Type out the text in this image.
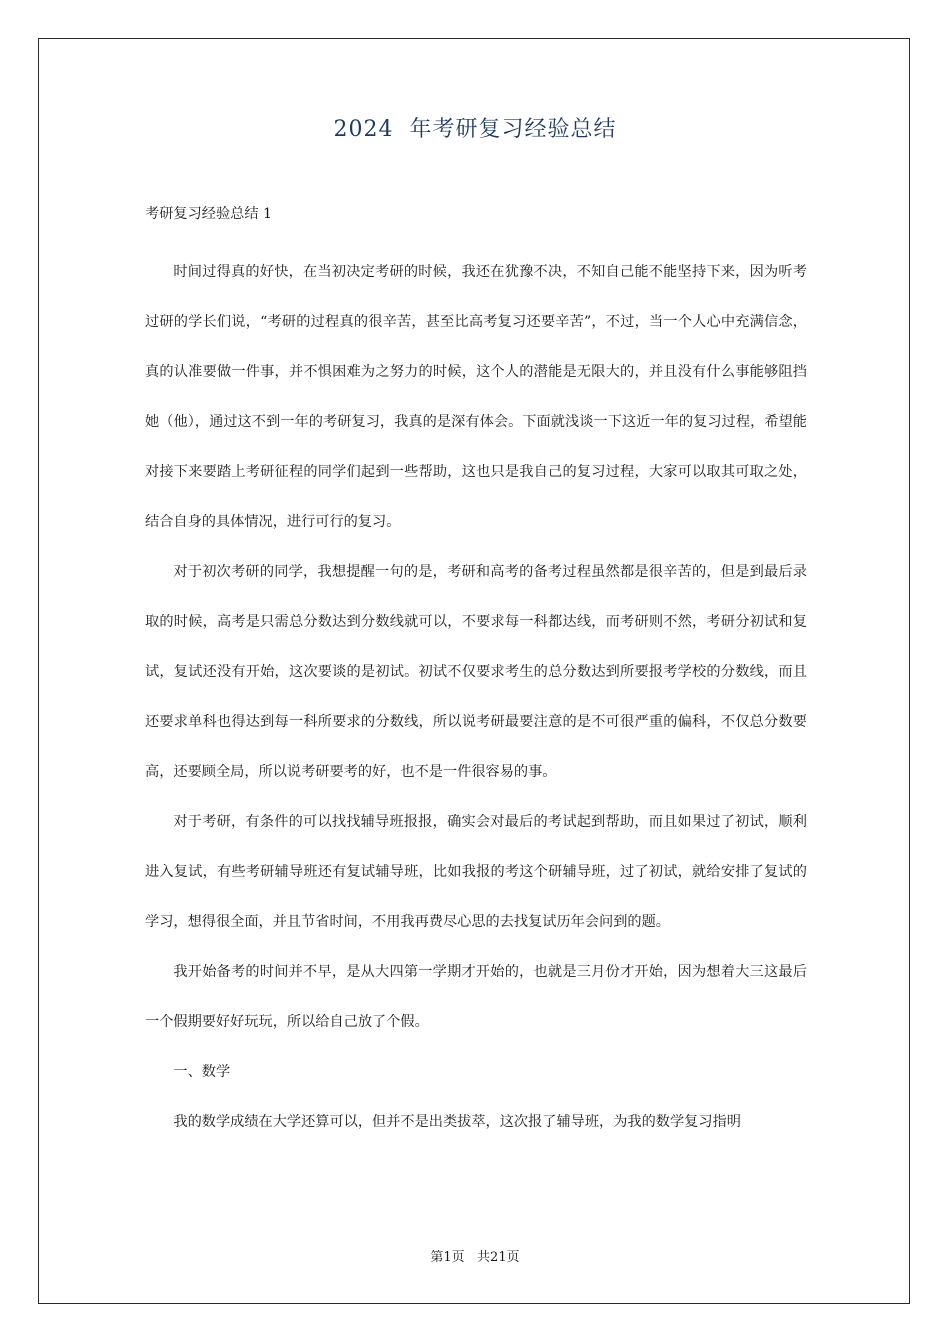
2024  年考研复习经验总结

考研复习经验总结 1

时间过得真的好快，在当初决定考研的时候，我还在犹豫不决，不知自己能不能坚持下来，因为听考过研的学长们说，“考研的过程真的很辛苦，甚至比高考复习还要辛苦”，不过，当一个人心中充满信念，真的认准要做一件事，并不惧困难为之努力的时候，这个人的潜能是无限大的，并且没有什么事能够阻挡她（他），通过这不到一年的考研复习，我真的是深有体会。下面就浅谈一下这近一年的复习过程，希望能对接下来要踏上考研征程的同学们起到一些帮助，这也只是我自己的复习过程，大家可以取其可取之处，结合自身的具体情况，进行可行的复习。

对于初次考研的同学，我想提醒一句的是，考研和高考的备考过程虽然都是很辛苦的，但是到最后录取的时候，高考是只需总分数达到分数线就可以，不要求每一科都达线，而考研则不然，考研分初试和复试，复试还没有开始，这次要谈的是初试。初试不仅要求考生的总分数达到所要报考学校的分数线，而且还要求单科也得达到每一科所要求的分数线，所以说考研最要注意的是不可很严重的偏科，不仅总分数要高，还要顾全局，所以说考研要考的好，也不是一件很容易的事。

对于考研，有条件的可以找找辅导班报报，确实会对最后的考试起到帮助，而且如果过了初试，顺利进入复试，有些考研辅导班还有复试辅导班，比如我报的考这个研辅导班，过了初试，就给安排了复试的学习，想得很全面，并且节省时间，不用我再费尽心思的去找复试历年会问到的题。

我开始备考的时间并不早，是从大四第一学期才开始的，也就是三月份才开始，因为想着大三这最后一个假期要好好玩玩，所以给自己放了个假。

一、数学

我的数学成绩在大学还算可以，但并不是出类拔萃，这次报了辅导班，为我的数学复习指明

第1页   共21页
